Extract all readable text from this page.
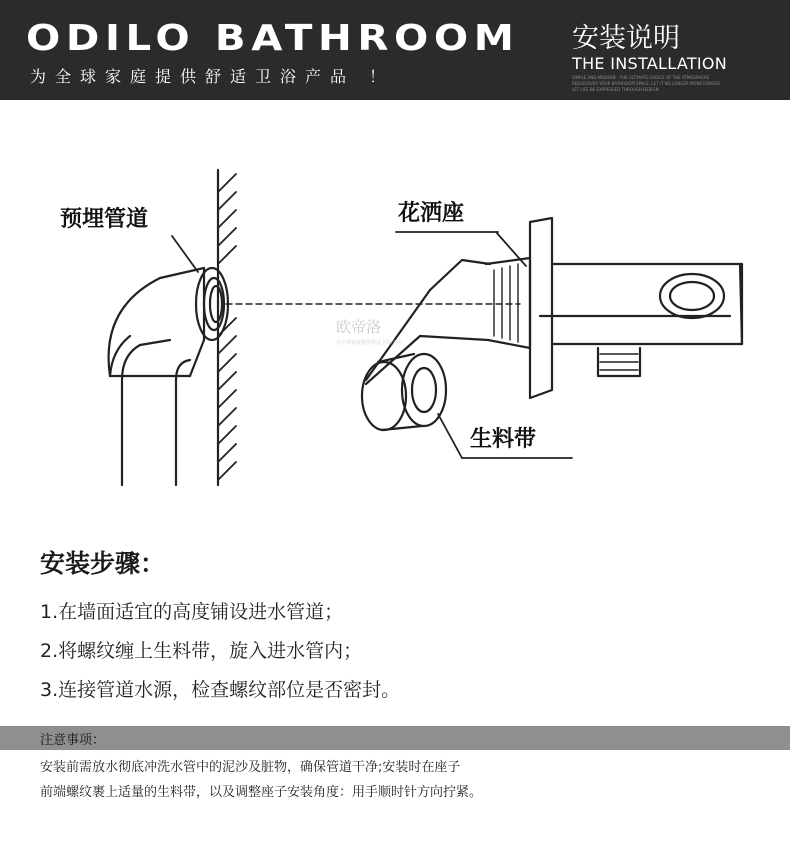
ODILO BATHROOM
为全球家庭提供舒适卫浴产品 ！
安装说明
THE INSTALLATION
SIMPLE AND MODERN - THE ULTIMATE CHOICE OF THE ATMOSPHERE
REDISCOVER YOUR BATHROOM SPACE, LET IT NO LONGER MONOTONOUS
LET LIFE BE EXPRESSED THROUGH DESIGN
预埋管道	花洒座
生料带
欧帝洛
为全球家庭提供舒适卫浴产品
安装步骤：
1.在墙面适宜的高度铺设进水管道；
2.将螺纹缠上生料带，旋入进水管内；
3.连接管道水源，检查螺纹部位是否密封。
注意事项：
安装前需放水彻底冲洗水管中的泥沙及脏物，确保管道干净;安装时在座子
前端螺纹裹上适量的生料带，以及调整座子安装角度：用手顺时针方向拧紧。
